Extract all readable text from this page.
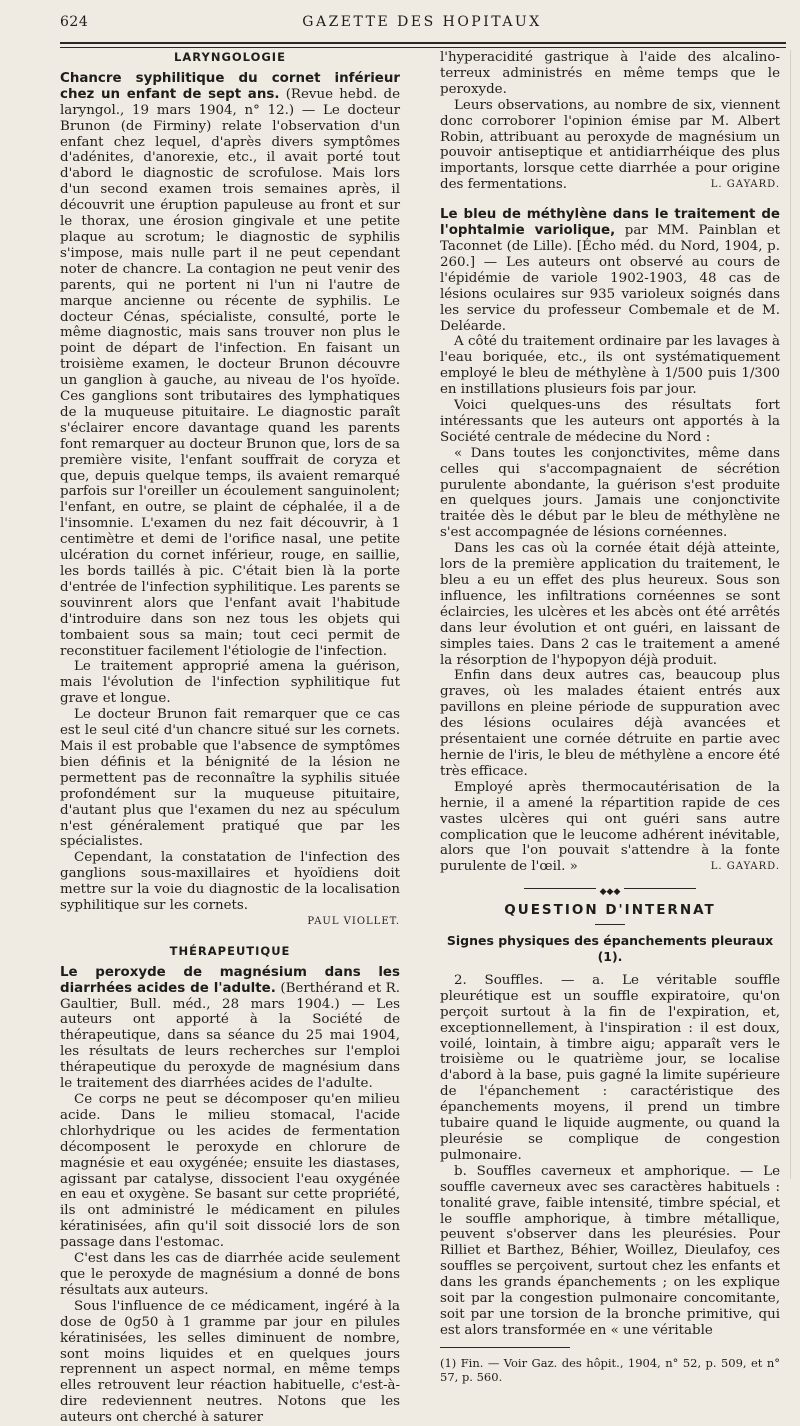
624	GAZETTE DES HOPITAUX
LARYNGOLOGIE

Chancre syphilitique du cornet inférieur chez un enfant de sept ans. (Revue hebd. de laryngol., 19 mars 1904, n° 12.) — Le docteur Brunon (de Firminy) relate l'observation d'un enfant chez lequel, d'après divers symptômes d'adénites, d'anorexie, etc., il avait porté tout d'abord le diagnostic de scrofulose. Mais lors d'un second examen trois semaines après, il découvrit une éruption papuleuse au front et sur le thorax, une érosion gingivale et une petite plaque au scrotum; le diagnostic de syphilis s'impose, mais nulle part il ne peut cependant noter de chancre. La contagion ne peut venir des parents, qui ne portent ni l'un ni l'autre de marque ancienne ou récente de syphilis. Le docteur Cénas, spécialiste, consulté, porte le même diagnostic, mais sans trouver non plus le point de départ de l'infection. En faisant un troisième examen, le docteur Brunon découvre un ganglion à gauche, au niveau de l'os hyoïde. Ces ganglions sont tributaires des lymphatiques de la muqueuse pituitaire. Le diagnostic paraît s'éclairer encore davantage quand les parents font remarquer au docteur Brunon que, lors de sa première visite, l'enfant souffrait de coryza et que, depuis quelque temps, ils avaient remarqué parfois sur l'oreiller un écoulement sanguinolent; l'enfant, en outre, se plaint de céphalée, il a de l'insomnie. L'examen du nez fait découvrir, à 1 centimètre et demi de l'orifice nasal, une petite ulcération du cornet inférieur, rouge, en saillie, les bords taillés à pic. C'était bien là la porte d'entrée de l'infection syphilitique. Les parents se souvinrent alors que l'enfant avait l'habitude d'introduire dans son nez tous les objets qui tombaient sous sa main; tout ceci permit de reconstituer facilement l'étiologie de l'infection.

Le traitement approprié amena la guérison, mais l'évolution de l'infection syphilitique fut grave et longue.

Le docteur Brunon fait remarquer que ce cas est le seul cité d'un chancre situé sur les cornets. Mais il est probable que l'absence de symptômes bien définis et la bénignité de la lésion ne permettent pas de reconnaître la syphilis située profondément sur la muqueuse pituitaire, d'autant plus que l'examen du nez au spéculum n'est généralement pratiqué que par les spécialistes.

Cependant, la constatation de l'infection des ganglions sous-maxillaires et hyoïdiens doit mettre sur la voie du diagnostic de la localisation syphilitique sur les cornets.

PAUL VIOLLET.

THÉRAPEUTIQUE

Le peroxyde de magnésium dans les diarrhées acides de l'adulte. (Berthérand et R. Gaultier, Bull. méd., 28 mars 1904.) — Les auteurs ont apporté à la Société de thérapeutique, dans sa séance du 25 mai 1904, les résultats de leurs recherches sur l'emploi thérapeutique du peroxyde de magnésium dans le traitement des diarrhées acides de l'adulte.

Ce corps ne peut se décomposer qu'en milieu acide. Dans le milieu stomacal, l'acide chlorhydrique ou les acides de fermentation décomposent le peroxyde en chlorure de magnésie et eau oxygénée; ensuite les diastases, agissant par catalyse, dissocient l'eau oxygénée en eau et oxygène. Se basant sur cette propriété, ils ont administré le médicament en pilules kératinisées, afin qu'il soit dissocié lors de son passage dans l'estomac.

C'est dans les cas de diarrhée acide seulement que le peroxyde de magnésium a donné de bons résultats aux auteurs.

Sous l'influence de ce médicament, ingéré à la dose de 0g50 à 1 gramme par jour en pilules kératinisées, les selles diminuent de nombre, sont moins liquides et en quelques jours reprennent un aspect normal, en même temps elles retrouvent leur réaction habituelle, c'est-à-dire redeviennent neutres. Notons que les auteurs ont cherché à saturer

l'hyperacidité gastrique à l'aide des alcalino-terreux administrés en même temps que le peroxyde.

Leurs observations, au nombre de six, viennent donc corroborer l'opinion émise par M. Albert Robin, attribuant au peroxyde de magnésium un pouvoir antiseptique et antidiarrhéique des plus importants, lorsque cette diarrhée a pour origine des fermentations.	L. GAYARD.

Le bleu de méthylène dans le traitement de l'ophtalmie variolique, par MM. Painblan et Taconnet (de Lille). [Écho méd. du Nord, 1904, p. 260.] — Les auteurs ont observé au cours de l'épidémie de variole 1902-1903, 48 cas de lésions oculaires sur 935 varioleux soignés dans les service du professeur Combemale et de M. Deléarde.

A côté du traitement ordinaire par les lavages à l'eau boriquée, etc., ils ont systématiquement employé le bleu de méthylène à 1/500 puis 1/300 en instillations plusieurs fois par jour.

Voici quelques-uns des résultats fort intéressants que les auteurs ont apportés à la Société centrale de médecine du Nord :

« Dans toutes les conjonctivites, même dans celles qui s'accompagnaient de sécrétion purulente abondante, la guérison s'est produite en quelques jours. Jamais une conjonctivite traitée dès le début par le bleu de méthylène ne s'est accompagnée de lésions cornéennes.

Dans les cas où la cornée était déjà atteinte, lors de la première application du traitement, le bleu a eu un effet des plus heureux. Sous son influence, les infiltrations cornéennes se sont éclaircies, les ulcères et les abcès ont été arrêtés dans leur évolution et ont guéri, en laissant de simples taies. Dans 2 cas le traitement a amené la résorption de l'hypopyon déjà produit.

Enfin dans deux autres cas, beaucoup plus graves, où les malades étaient entrés aux pavillons en pleine période de suppuration avec des lésions oculaires déjà avancées et présentaient une cornée détruite en partie avec hernie de l'iris, le bleu de méthylène a encore été très efficace.

Employé après thermocautérisation de la hernie, il a amené la répartition rapide de ces vastes ulcères qui ont guéri sans autre complication que le leucome adhérent inévitable, alors que l'on pouvait s'attendre à la fonte purulente de l'œil. »	L. GAYARD.

◆◆◆
QUESTION D'INTERNAT
Signes physiques des épanchements pleuraux (1).

2. Souffles. — a. Le véritable souffle pleurétique est un souffle expiratoire, qu'on perçoit surtout à la fin de l'expiration, et, exceptionnellement, à l'inspiration : il est doux, voilé, lointain, à timbre aigu; apparaît vers le troisième ou le quatrième jour, se localise d'abord à la base, puis gagné la limite supérieure de l'épanchement : caractéristique des épanchements moyens, il prend un timbre tubaire quand le liquide augmente, ou quand la pleurésie se complique de congestion pulmonaire.

b. Souffles caverneux et amphorique. — Le souffle caverneux avec ses caractères habituels : tonalité grave, faible intensité, timbre spécial, et le souffle amphorique, à timbre métallique, peuvent s'observer dans les pleurésies. Pour Rilliet et Barthez, Béhier, Woillez, Dieulafoy, ces souffles se perçoivent, surtout chez les enfants et dans les grands épanchements ; on les explique soit par la congestion pulmonaire concomitante, soit par une torsion de la bronche primitive, qui est alors transformée en « une véritable

(1) Fin. — Voir Gaz. des hôpit., 1904, n° 52, p. 509, et n° 57, p. 560.
